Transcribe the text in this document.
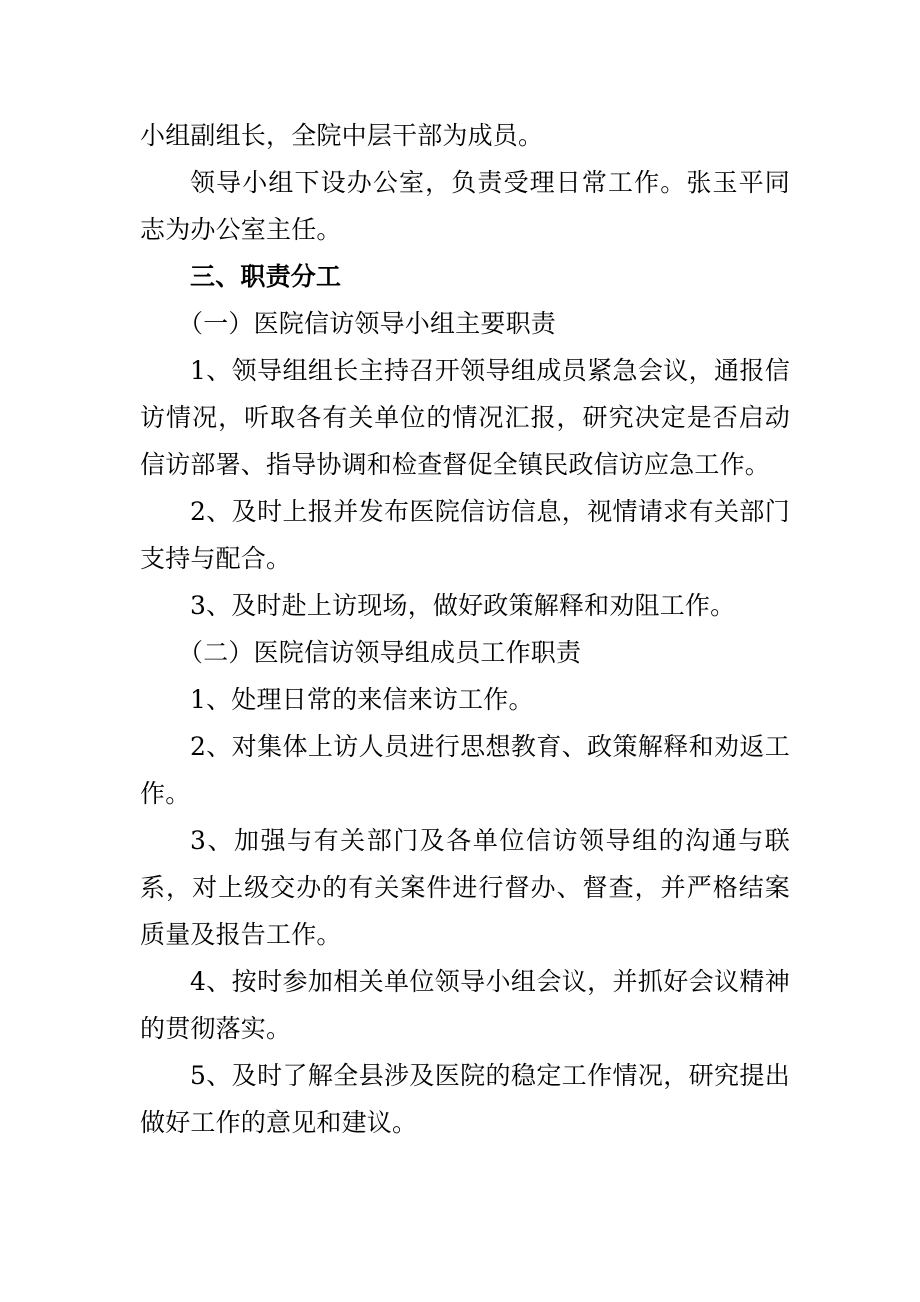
小组副组长，全院中层干部为成员。

领导小组下设办公室，负责受理日常工作。张玉平同志为办公室主任。

三、职责分工

（一）医院信访领导小组主要职责

1、领导组组长主持召开领导组成员紧急会议，通报信访情况，听取各有关单位的情况汇报，研究决定是否启动信访部署、指导协调和检查督促全镇民政信访应急工作。

2、及时上报并发布医院信访信息，视情请求有关部门支持与配合。

3、及时赴上访现场，做好政策解释和劝阻工作。

（二）医院信访领导组成员工作职责

1、处理日常的来信来访工作。

2、对集体上访人员进行思想教育、政策解释和劝返工作。

3、加强与有关部门及各单位信访领导组的沟通与联系，对上级交办的有关案件进行督办、督查，并严格结案质量及报告工作。

4、按时参加相关单位领导小组会议，并抓好会议精神的贯彻落实。

5、及时了解全县涉及医院的稳定工作情况，研究提出做好工作的意见和建议。
